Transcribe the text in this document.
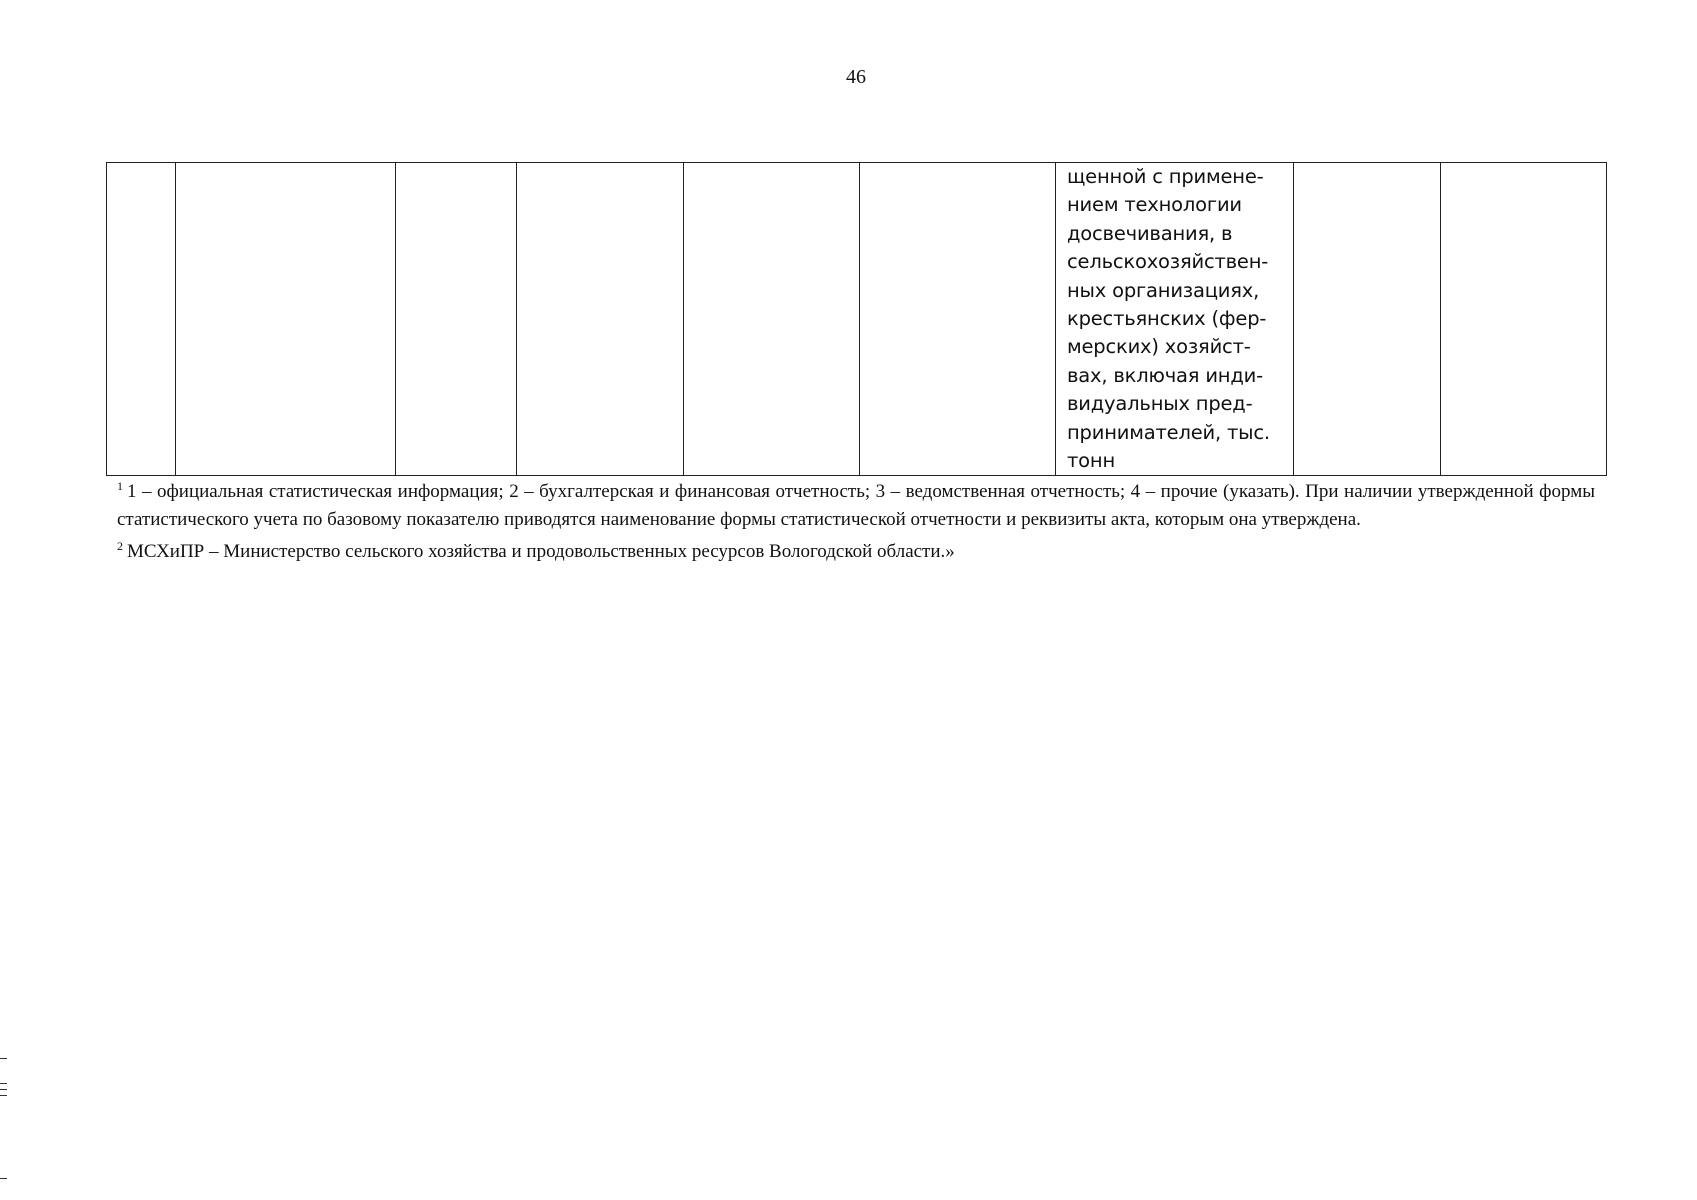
46
						щенной с примене-
нием технологии
досвечивания, в
сельскохозяйствен-
ных организациях,
крестьянских (фер-
мерских) хозяйст-
вах, включая инди-
видуальных пред-
принимателей, тыс.
тонн		

$^1$ 1 – официальная статистическая информация; 2 – бухгалтерская и финансовая отчетность; 3 – ведомственная отчетность; 4 – прочие (указать). При наличии утвержденной формы статистического учета по базовому показателю приводятся наименование формы статистической отчетности и реквизиты акта, которым она утверждена.

$^2$ МСХиПР – Министерство сельского хозяйства и продовольственных ресурсов Вологодской области.»
